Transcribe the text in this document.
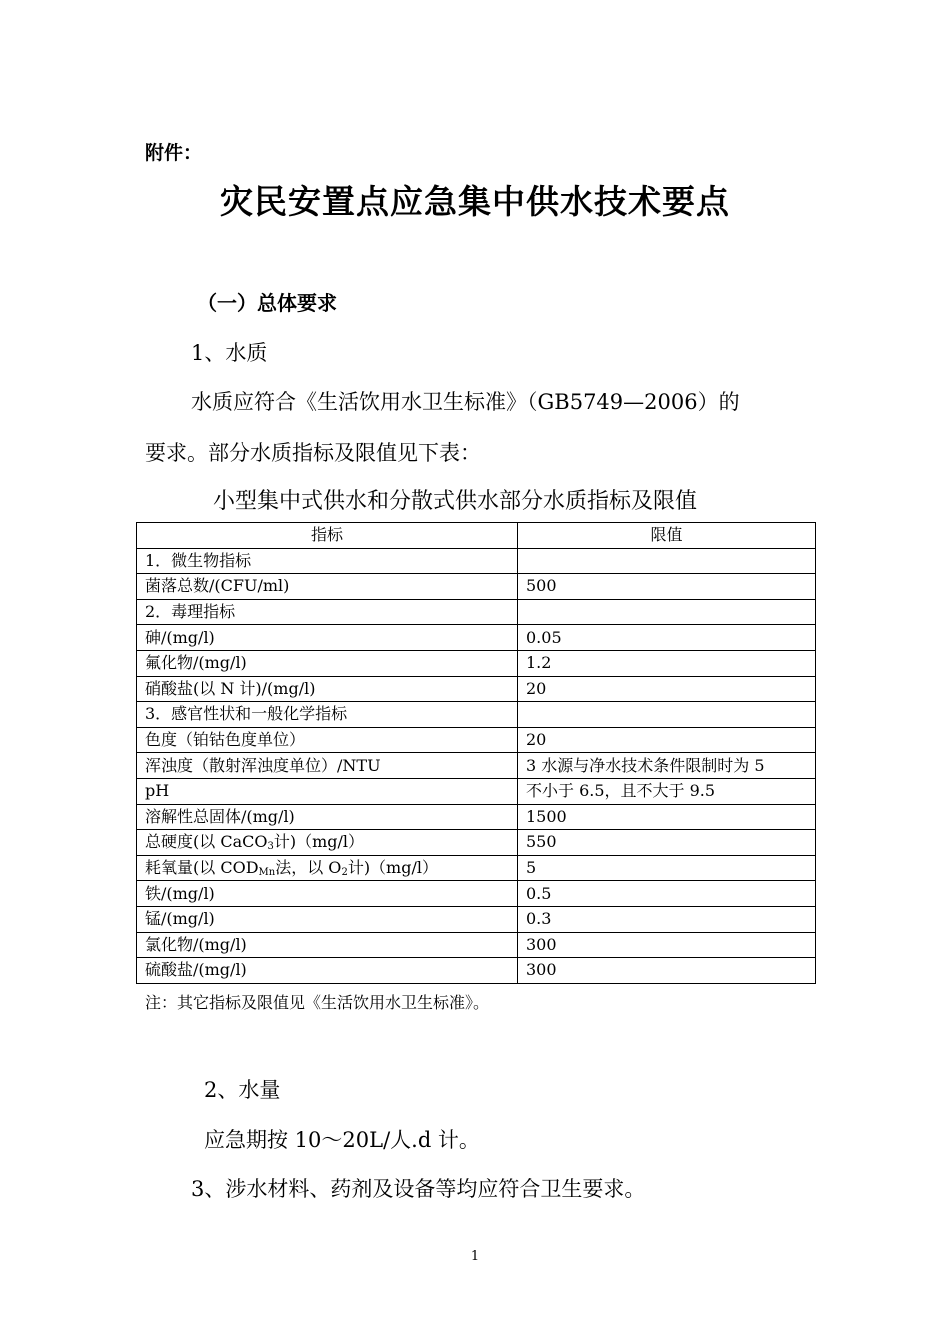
附件：
灾民安置点应急集中供水技术要点
（一）总体要求
1、水质
水质应符合《生活饮用水卫生标准》（GB5749—2006）的
要求。部分水质指标及限值见下表：
小型集中式供水和分散式供水部分水质指标及限值
指标	限值
1．微生物指标	
菌落总数/(CFU/ml)	500
2．毒理指标	
砷/(mg/l)	0.05
氟化物/(mg/l)	1.2
硝酸盐(以 N 计)/(mg/l)	20
3．感官性状和一般化学指标	
色度（铂钴色度单位）	20
浑浊度（散射浑浊度单位）/NTU	3 水源与净水技术条件限制时为 5
pH	不小于 6.5，且不大于 9.5
溶解性总固体/(mg/l)	1500
总硬度(以 CaCO$_3$计)（mg/l）	550
耗氧量(以 $COD_{Mn}$法，以 $O_2$计)（mg/l）	5
铁/(mg/l)	0.5
锰/(mg/l)	0.3
氯化物/(mg/l)	300
硫酸盐/(mg/l)	300
注：其它指标及限值见《生活饮用水卫生标准》。
2、水量
应急期按 10～20L/人.d 计。
3、涉水材料、药剂及设备等均应符合卫生要求。
1
